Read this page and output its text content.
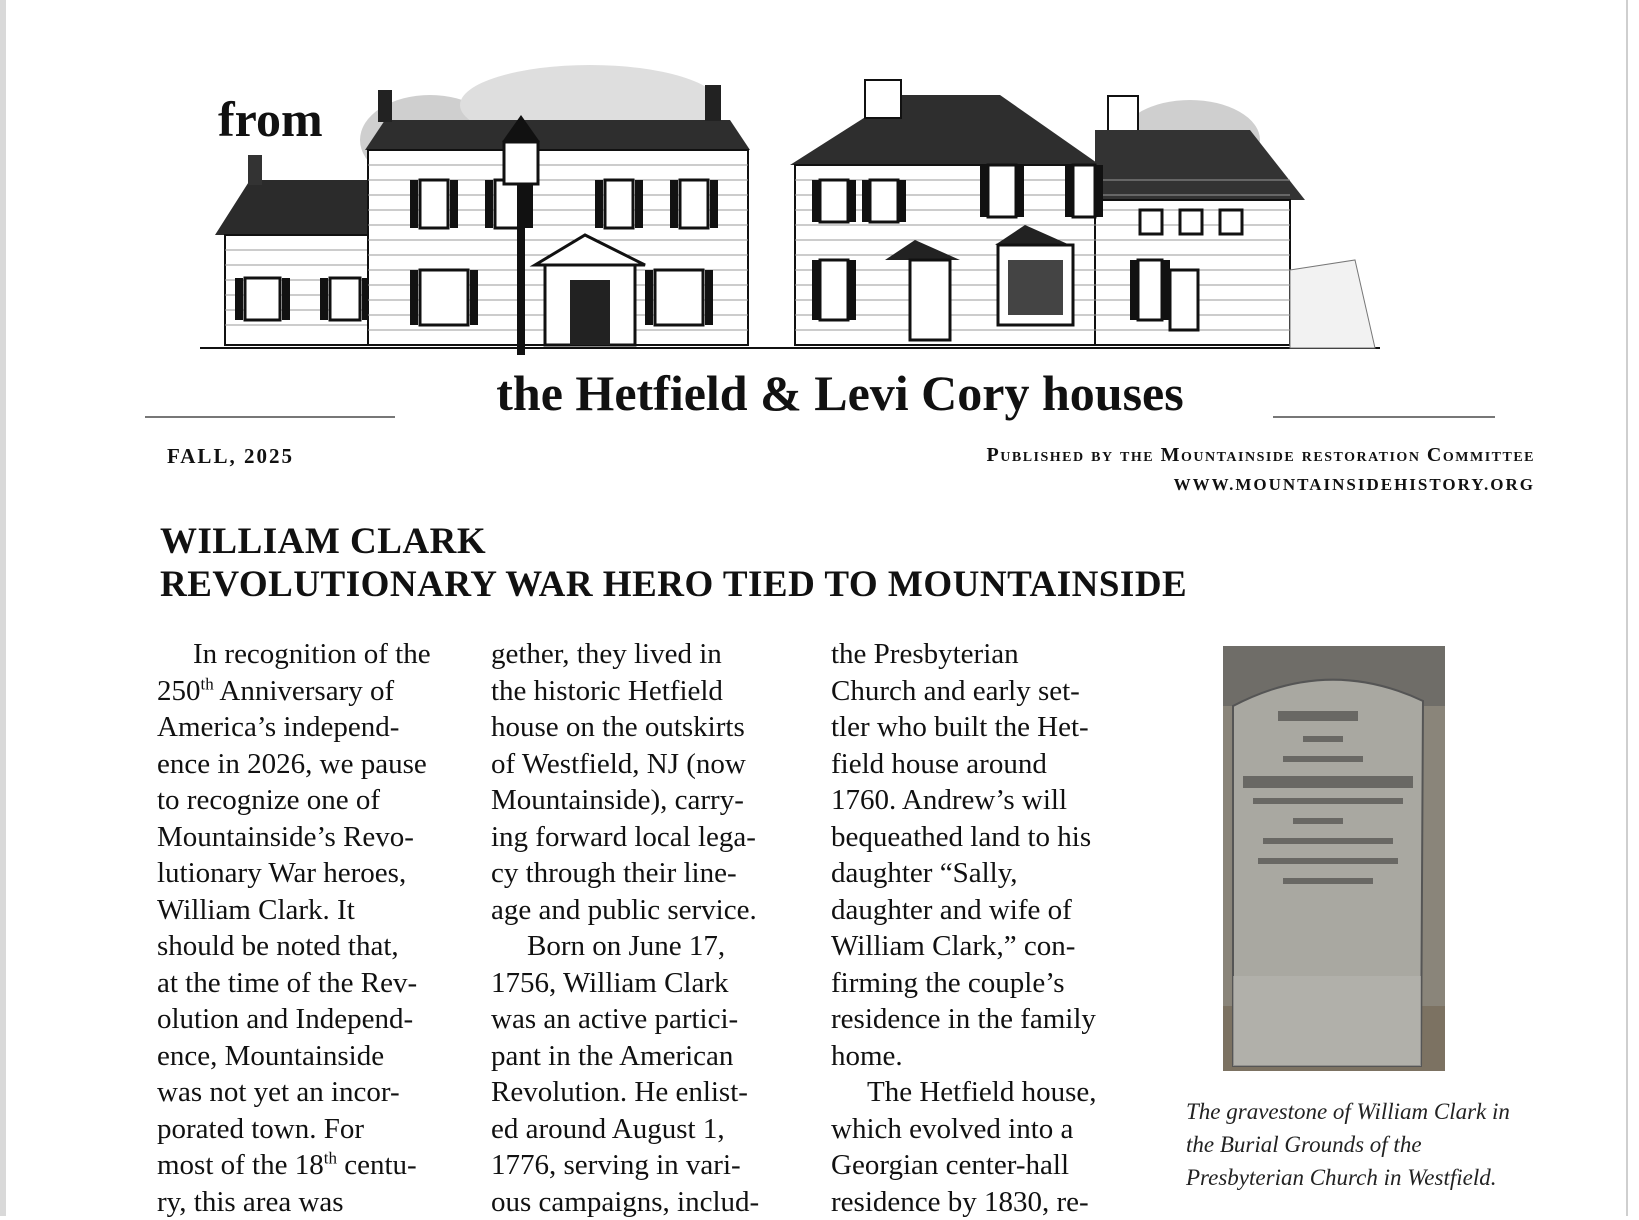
from
the Hetfield & Levi Cory houses
FALL, 2025	Published by the Mountainside restoration Committee
WWW.MOUNTAINSIDEHISTORY.ORG
WILLIAM CLARK
REVOLUTIONARY WAR HERO TIED TO MOUNTAINSIDE

In recognition of the

250th Anniversary of

America’s independ-

ence in 2026, we pause

to recognize one of

Mountainside’s Revo-

lutionary War heroes,

William Clark. It

should be noted that,

at the time of the Rev-

olution and Independ-

ence, Mountainside

was not yet an incor-

porated town. For

most of the 18th centu-

ry, this area was

gether, they lived in

the historic Hetfield

house on the outskirts

of Westfield, NJ (now

Mountainside), carry-

ing forward local lega-

cy through their line-

age and public service.

Born on June 17,

1756, William Clark

was an active partici-

pant in the American

Revolution. He enlist-

ed around August 1,

1776, serving in vari-

ous campaigns, includ-

the Presbyterian

Church and early set-

tler who built the Het-

field house around

1760. Andrew’s will

bequeathed land to his

daughter “Sally,

daughter and wife of

William Clark,” con-

firming the couple’s

residence in the family

home.

The Hetfield house,

which evolved into a

Georgian center-hall

residence by 1830, re-

The gravestone of William Clark in the Burial Grounds of the Presbyterian Church in Westfield.
